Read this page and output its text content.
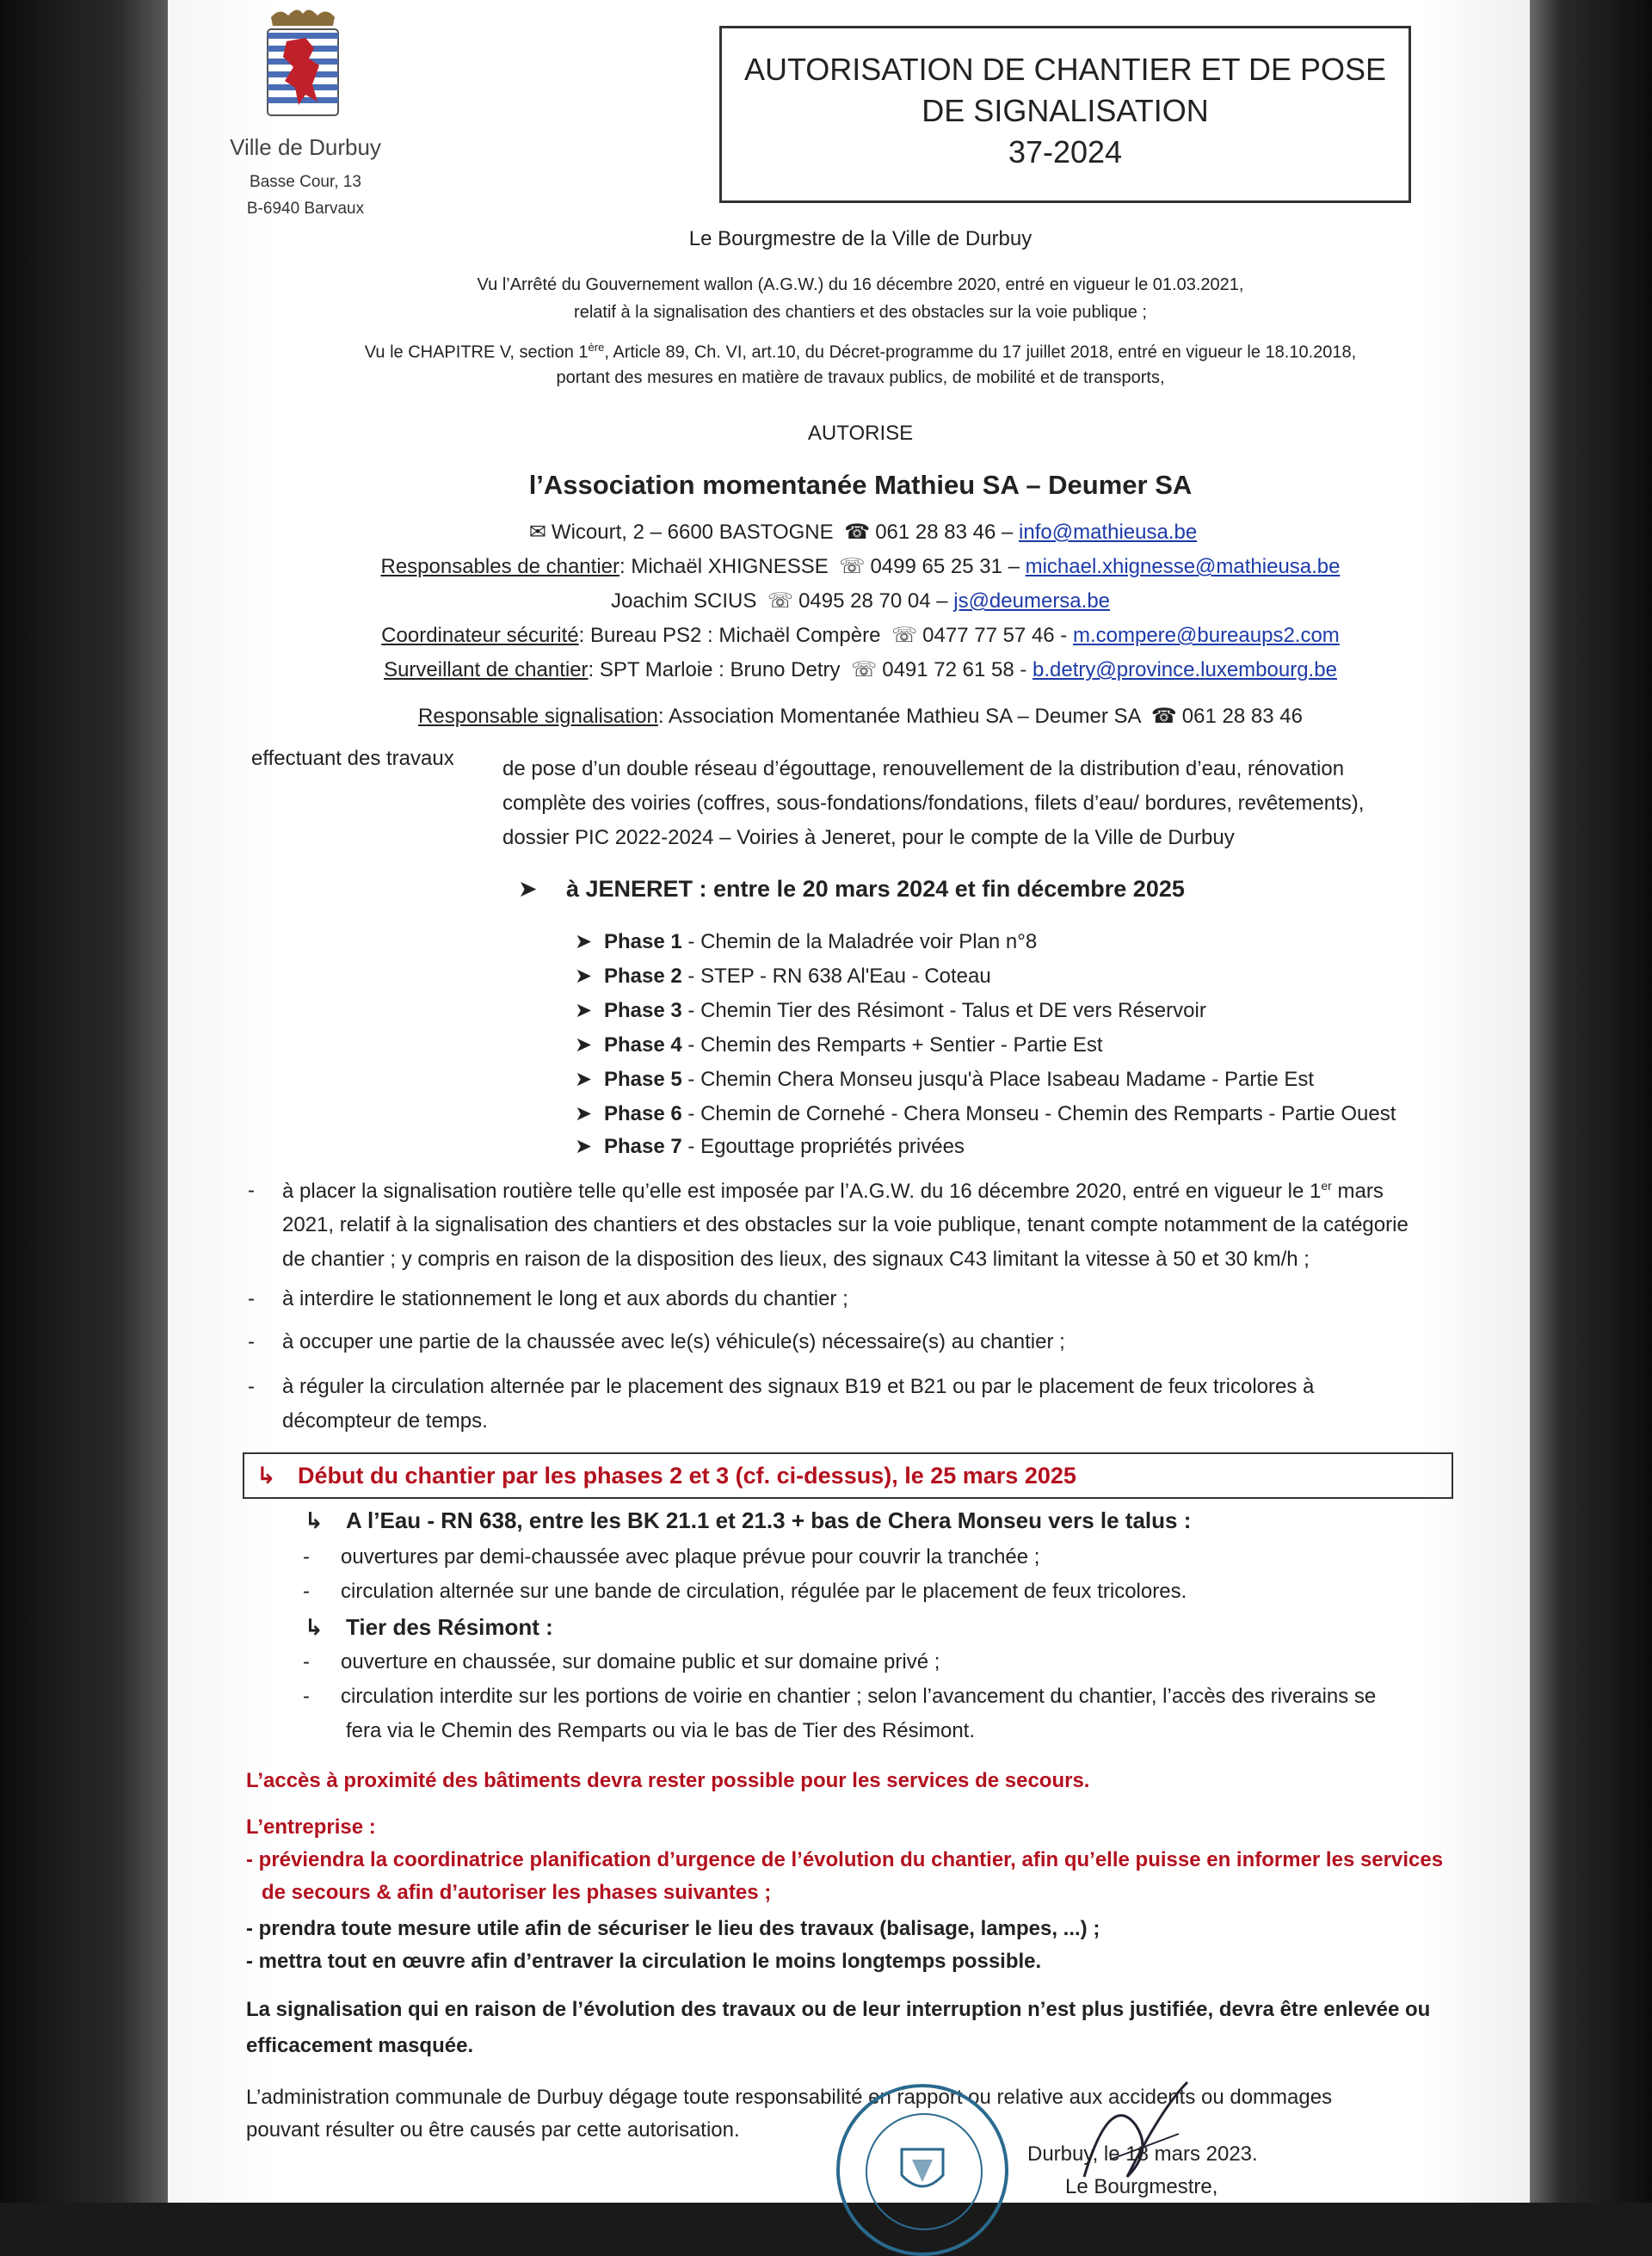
Ville de Durbuy
Basse Cour, 13
B-6940 Barvaux
AUTORISATION DE CHANTIER ET DE POSE
DE SIGNALISATION
37-2024
Le Bourgmestre de la Ville de Durbuy
Vu l’Arrêté du Gouvernement wallon (A.G.W.) du 16 décembre 2020, entré en vigueur le 01.03.2021,
relatif à la signalisation des chantiers et des obstacles sur la voie publique ;
Vu le CHAPITRE V, section 1ère, Article 89, Ch. VI, art.10, du Décret-programme du 17 juillet 2018, entré en vigueur le 18.10.2018,
portant des mesures en matière de travaux publics, de mobilité et de transports,
AUTORISE
l’Association momentanée Mathieu SA – Deumer SA
✉ Wicourt, 2 – 6600 BASTOGNE ☎ 061 28 83 46 – info@mathieusa.be
Responsables de chantier: Michaël XHIGNESSE ☏ 0499 65 25 31 – michael.xhignesse@mathieusa.be
Joachim SCIUS ☏ 0495 28 70 04 – js@deumersa.be
Coordinateur sécurité: Bureau PS2 : Michaël Compère ☏ 0477 77 57 46 - m.compere@bureaups2.com
Surveillant de chantier: SPT Marloie : Bruno Detry ☏ 0491 72 61 58 - b.detry@province.luxembourg.be
Responsable signalisation: Association Momentanée Mathieu SA – Deumer SA ☎ 061 28 83 46
effectuant des travaux de pose d’un double réseau d’égouttage, renouvellement de la distribution d’eau, rénovation
complète des voiries (coffres, sous-fondations/fondations, filets d’eau/ bordures, revêtements),
dossier PIC 2022-2024 – Voiries à Jeneret, pour le compte de la Ville de Durbuy
➤ à JENERET : entre le 20 mars 2024 et fin décembre 2025
➤ Phase 1 - Chemin de la Maladrée voir Plan n°8
➤ Phase 2 - STEP - RN 638 Al'Eau - Coteau
➤ Phase 3 - Chemin Tier des Résimont - Talus et DE vers Réservoir
➤ Phase 4 - Chemin des Remparts + Sentier - Partie Est
➤ Phase 5 - Chemin Chera Monseu jusqu'à Place Isabeau Madame - Partie Est
➤ Phase 6 - Chemin de Cornehé - Chera Monseu - Chemin des Remparts - Partie Ouest
➤ Phase 7 - Egouttage propriétés privées
- à placer la signalisation routière telle qu’elle est imposée par l’A.G.W. du 16 décembre 2020, entré en vigueur le 1er mars
2021, relatif à la signalisation des chantiers et des obstacles sur la voie publique, tenant compte notamment de la catégorie
de chantier ; y compris en raison de la disposition des lieux, des signaux C43 limitant la vitesse à 50 et 30 km/h ;
- à interdire le stationnement le long et aux abords du chantier ;
- à occuper une partie de la chaussée avec le(s) véhicule(s) nécessaire(s) au chantier ;
- à réguler la circulation alternée par le placement des signaux B19 et B21 ou par le placement de feux tricolores à
décompteur de temps.
↳ Début du chantier par les phases 2 et 3 (cf. ci-dessus), le 25 mars 2025
↳ A l’Eau - RN 638, entre les BK 21.1 et 21.3 + bas de Chera Monseu vers le talus :
- ouvertures par demi-chaussée avec plaque prévue pour couvrir la tranchée ;
- circulation alternée sur une bande de circulation, régulée par le placement de feux tricolores.
↳ Tier des Résimont :
- ouverture en chaussée, sur domaine public et sur domaine privé ;
- circulation interdite sur les portions de voirie en chantier ; selon l’avancement du chantier, l’accès des riverains se
fera via le Chemin des Remparts ou via le bas de Tier des Résimont.
L’accès à proximité des bâtiments devra rester possible pour les services de secours.
L’entreprise :
- préviendra la coordinatrice planification d’urgence de l’évolution du chantier, afin qu’elle puisse en informer les services
de secours & afin d’autoriser les phases suivantes ;
- prendra toute mesure utile afin de sécuriser le lieu des travaux (balisage, lampes, ...) ;
- mettra tout en œuvre afin d’entraver la circulation le moins longtemps possible.
La signalisation qui en raison de l’évolution des travaux ou de leur interruption n’est plus justifiée, devra être enlevée ou
efficacement masquée.
L’administration communale de Durbuy dégage toute responsabilité en rapport ou relative aux accidents ou dommages
pouvant résulter ou être causés par cette autorisation.
Durbuy, le 18 mars 2023.
Le Bourgmestre,
